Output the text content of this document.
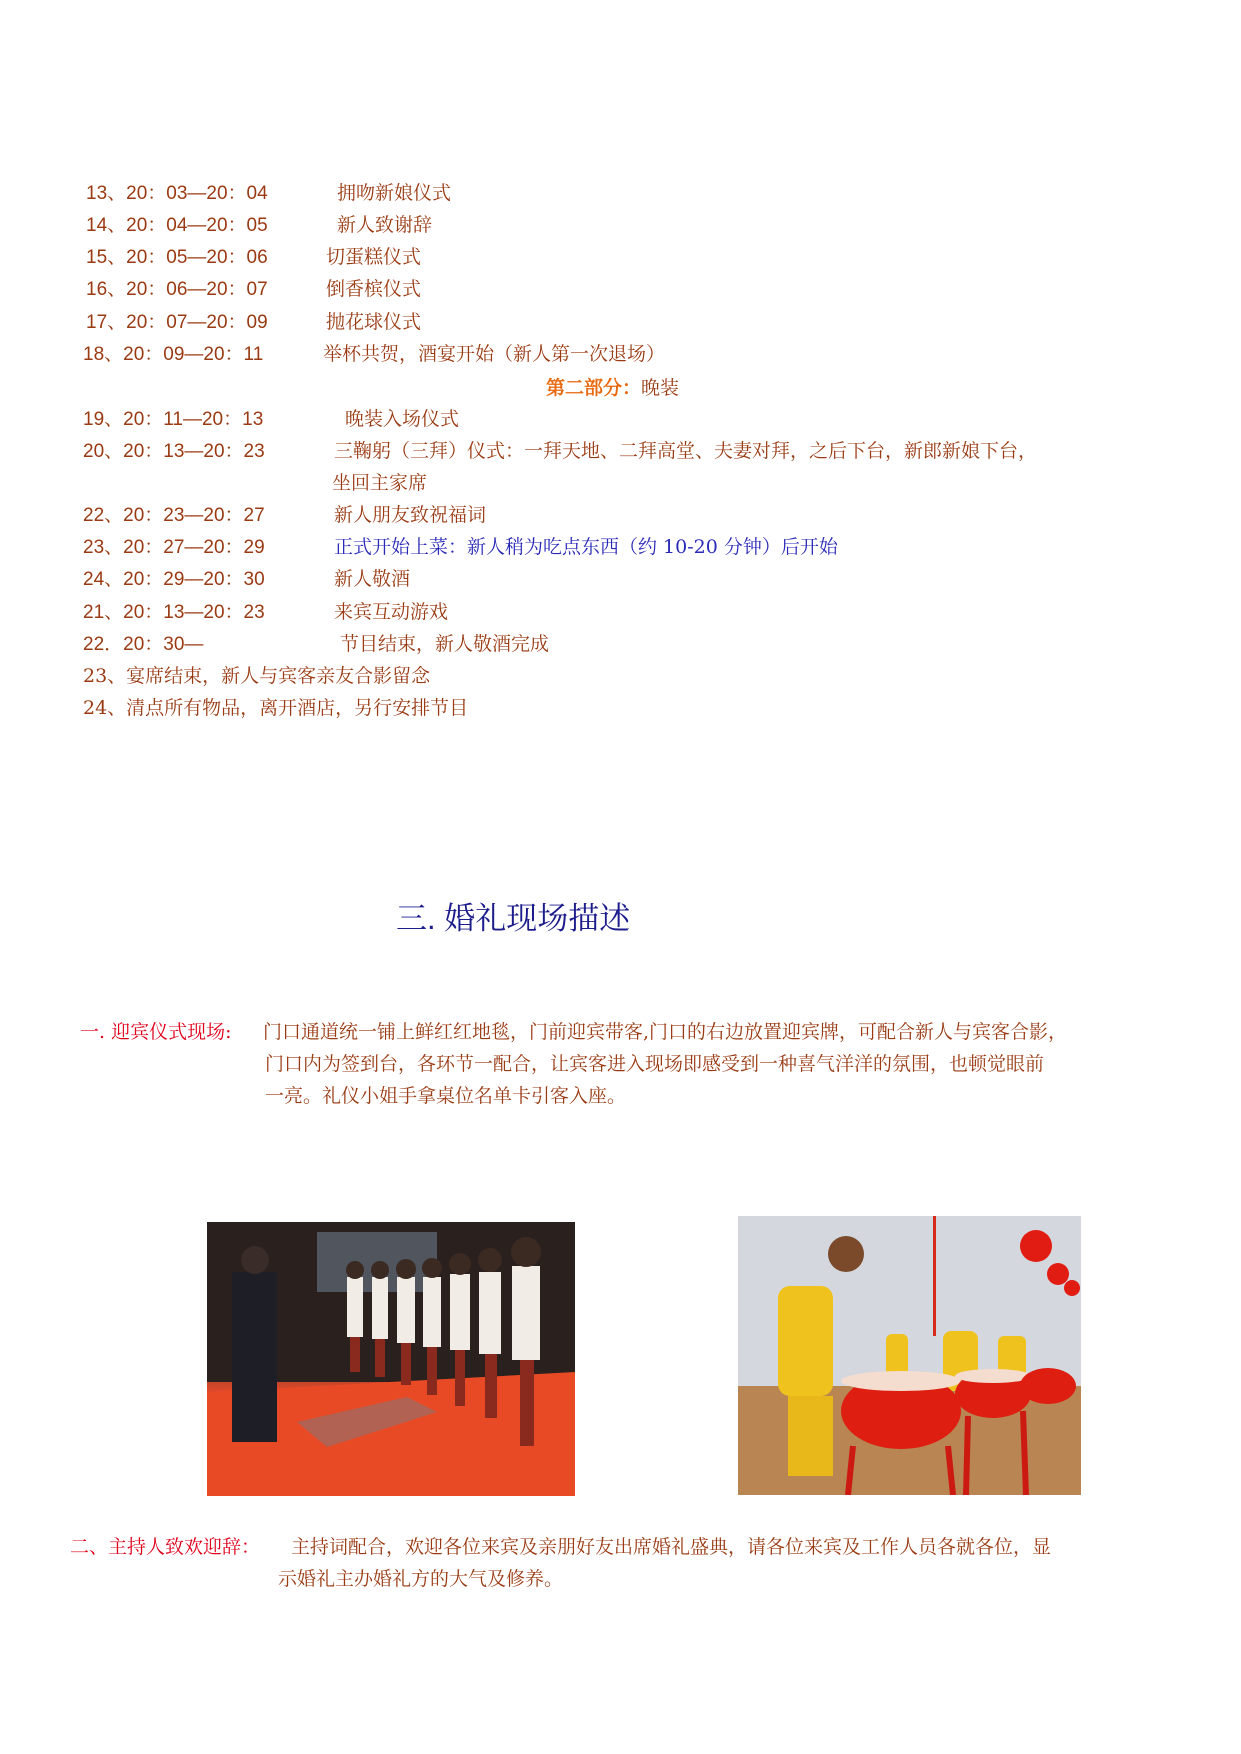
13、20：03—20：04	拥吻新娘仪式
14、20：04—20：05	新人致谢辞
15、20：05—20：06	切蛋糕仪式
16、20：06—20：07	倒香槟仪式
17、20：07—20：09	抛花球仪式
18、20：09—20：11	举杯共贺，酒宴开始（新人第一次退场）
第二部分：晚装
19、20：11—20：13	晚装入场仪式
20、20：13—20：23	三鞠躬（三拜）仪式：一拜天地、二拜高堂、夫妻对拜，之后下台，新郎新娘下台，
坐回主家席
22、20：23—20：27	新人朋友致祝福词
23、20：27—20：29	正式开始上菜：新人稍为吃点东西（约 10-20 分钟）后开始
24、20：29—20：30	新人敬酒
21、20：13—20：23	来宾互动游戏
22．20：30—	节目结束，新人敬酒完成
23、宴席结束，新人与宾客亲友合影留念
24、清点所有物品，离开酒店，另行安排节目
三. 婚礼现场描述
一. 迎宾仪式现场: 门口通道统一铺上鲜红红地毯，门前迎宾带客,门口的右边放置迎宾牌，可配合新人与宾客合影，
门口内为签到台，各环节一配合，让宾客进入现场即感受到一种喜气洋洋的氛围，也顿觉眼前
一亮。礼仪小姐手拿桌位名单卡引客入座。
二、主持人致欢迎辞： 主持词配合，欢迎各位来宾及亲朋好友出席婚礼盛典，请各位来宾及工作人员各就各位，显
示婚礼主办婚礼方的大气及修养。
